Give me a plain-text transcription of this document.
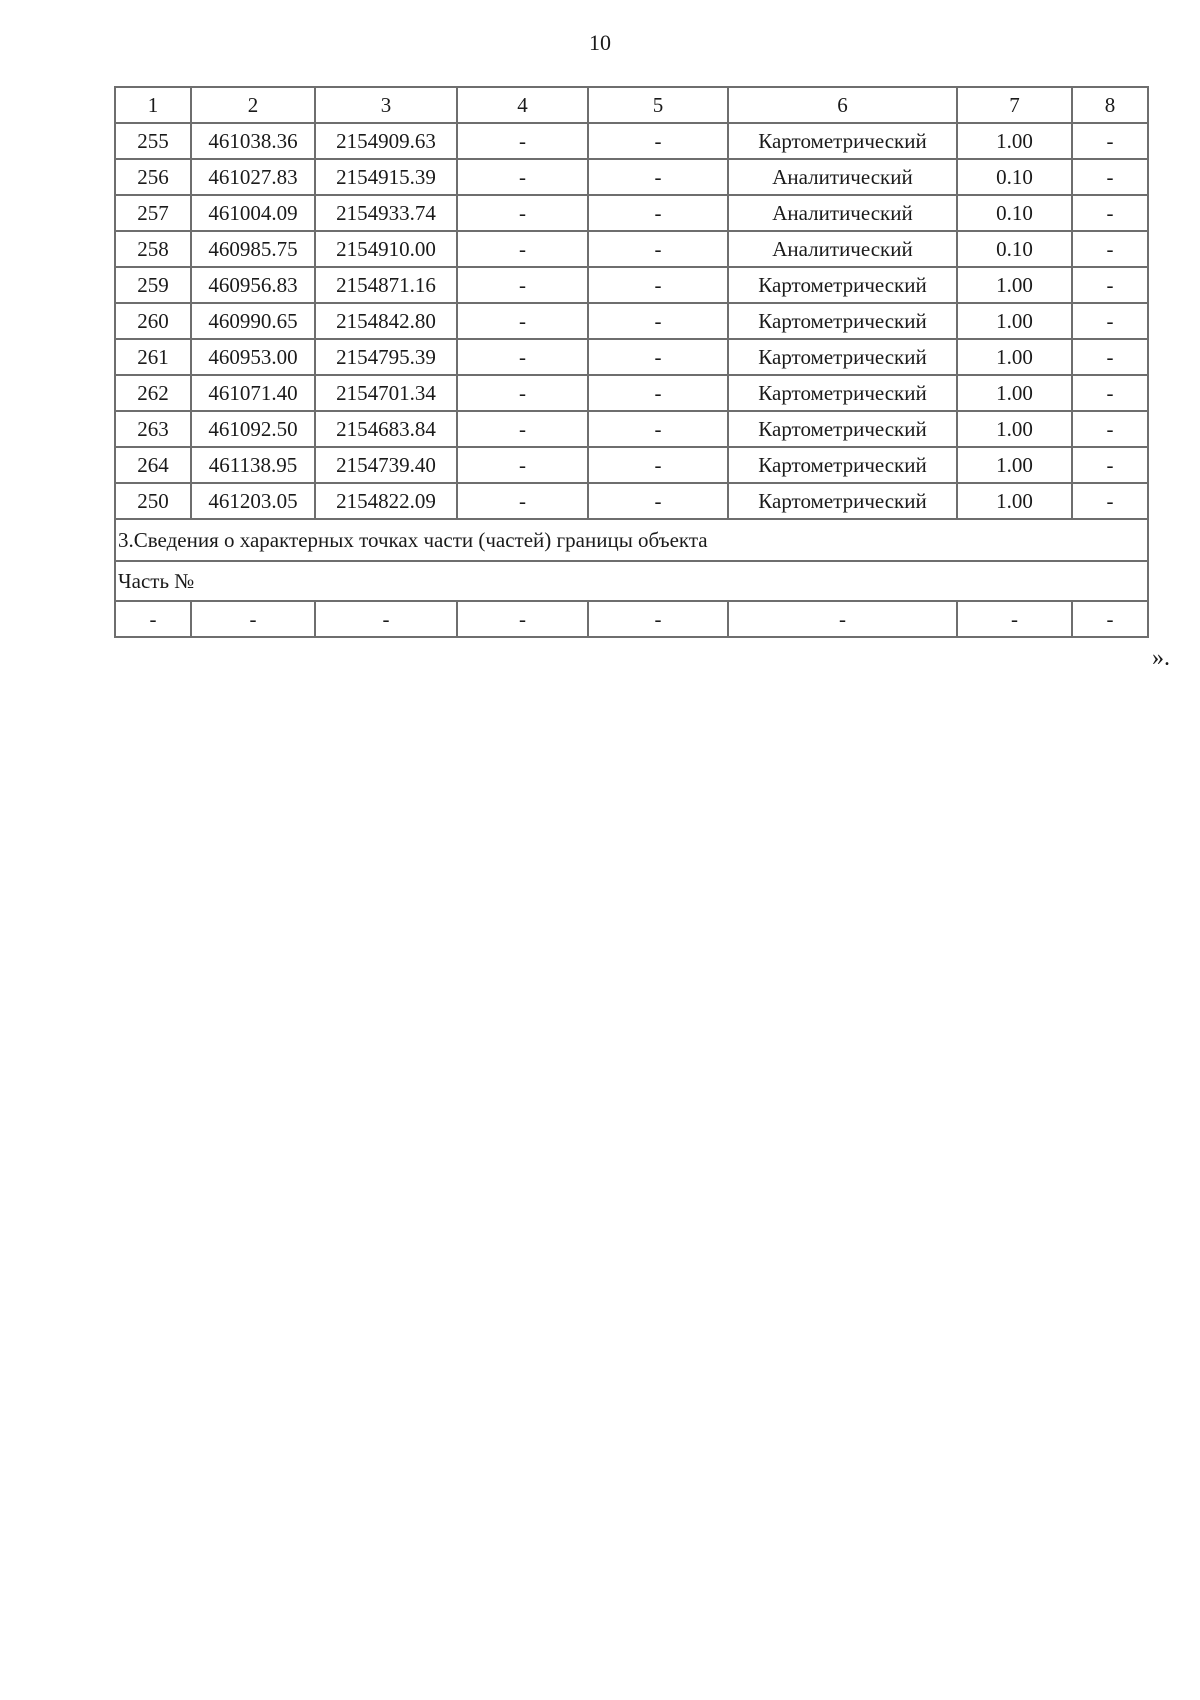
10
1	2	3	4	5	6	7	8
255	461038.36	2154909.63	-	-	Картометрический	1.00	-
256	461027.83	2154915.39	-	-	Аналитический	0.10	-
257	461004.09	2154933.74	-	-	Аналитический	0.10	-
258	460985.75	2154910.00	-	-	Аналитический	0.10	-
259	460956.83	2154871.16	-	-	Картометрический	1.00	-
260	460990.65	2154842.80	-	-	Картометрический	1.00	-
261	460953.00	2154795.39	-	-	Картометрический	1.00	-
262	461071.40	2154701.34	-	-	Картометрический	1.00	-
263	461092.50	2154683.84	-	-	Картометрический	1.00	-
264	461138.95	2154739.40	-	-	Картометрический	1.00	-
250	461203.05	2154822.09	-	-	Картометрический	1.00	-
3.Сведения о характерных точках части (частей) границы объекта							
Часть №							
-	-	-	-	-	-	-	-
».
